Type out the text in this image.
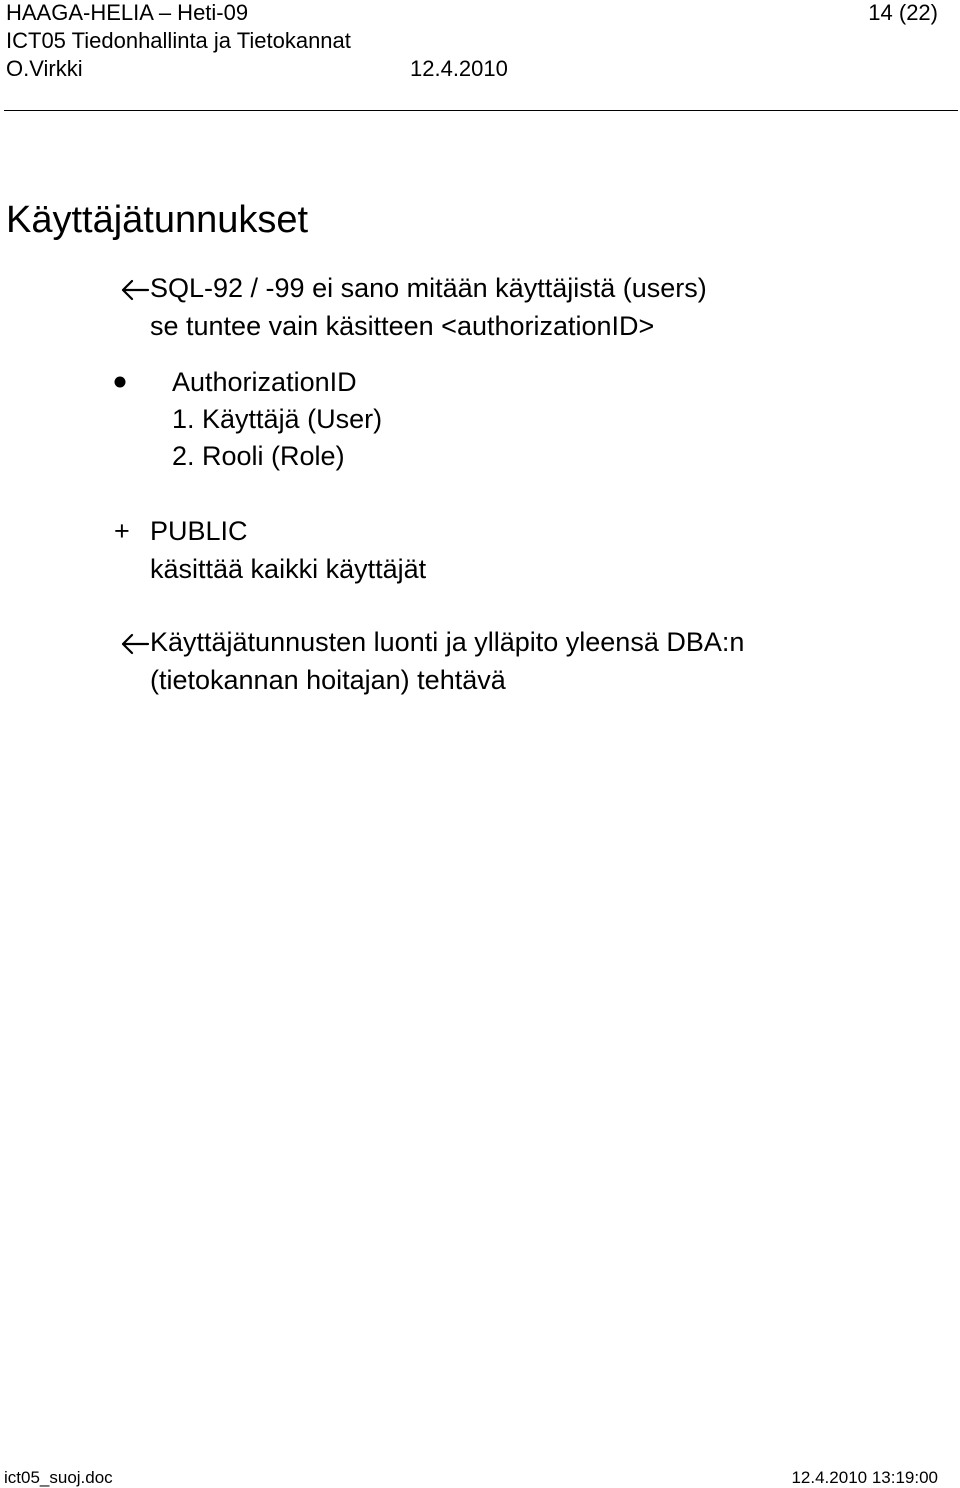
HAAGA-HELIA – Heti-09	14 (22)
ICT05 Tiedonhallinta ja Tietokannat
O.Virkki	12.4.2010
Käyttäjätunnukset
SQL-92 / -99 ei sano mitään käyttäjistä (users)
se tuntee vain käsitteen <authorizationID>
AuthorizationID
1. Käyttäjä (User)
2. Rooli (Role)
+ PUBLIC
käsittää kaikki käyttäjät
Käyttäjätunnusten luonti ja ylläpito yleensä DBA:n
(tietokannan hoitajan) tehtävä
ict05_suoj.doc	12.4.2010 13:19:00
